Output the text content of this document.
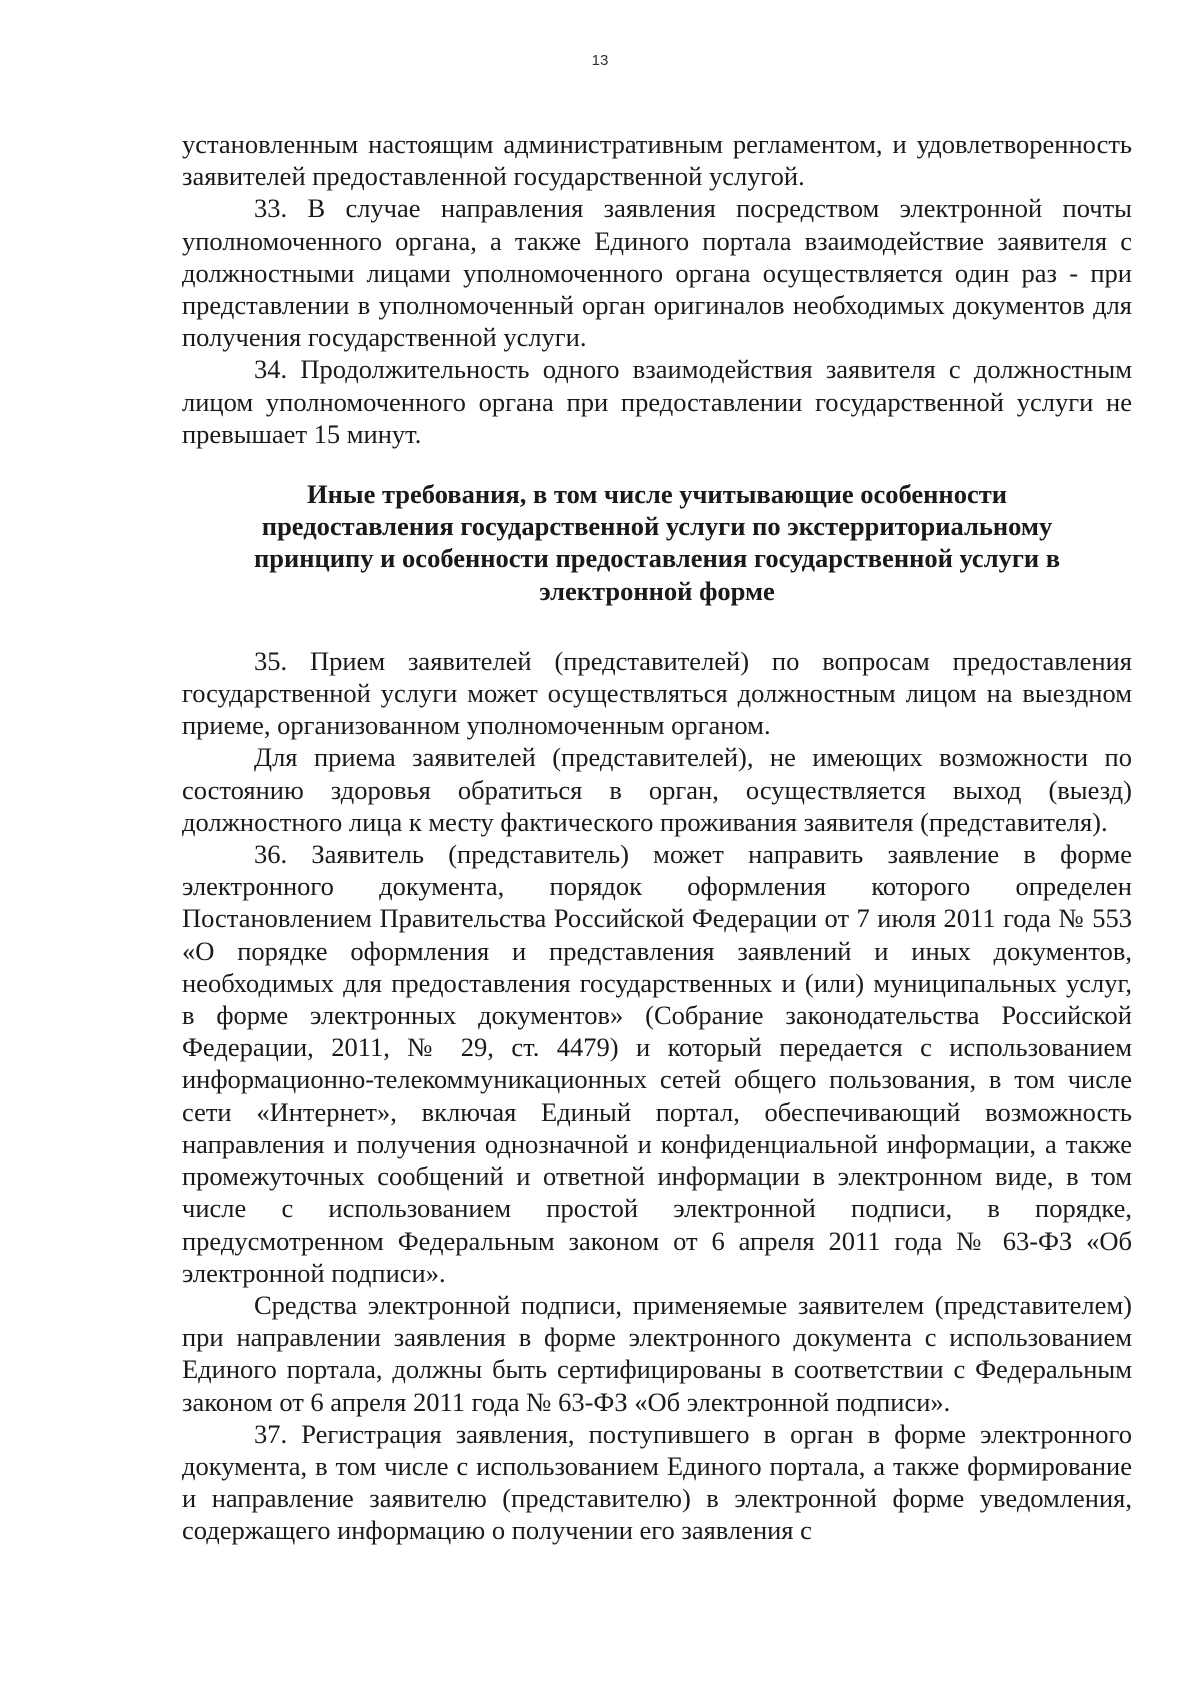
13

установленным настоящим административным регламентом, и удовлетворенность заявителей предоставленной государственной услугой.

33. В случае направления заявления посредством электронной почты уполномоченного органа, а также Единого портала взаимодействие заявителя с должностными лицами уполномоченного органа осуществляется один раз - при представлении в уполномоченный орган оригиналов необходимых документов для получения государственной услуги.

34. Продолжительность одного взаимодействия заявителя с должностным лицом уполномоченного органа при предоставлении государственной услуги не превышает 15 минут.

Иные требования, в том числе учитывающие особенности предоставления государственной услуги по экстерриториальному принципу и особенности предоставления государственной услуги в электронной форме

35. Прием заявителей (представителей) по вопросам предоставления государственной услуги может осуществляться должностным лицом на выездном приеме, организованном уполномоченным органом.

Для приема заявителей (представителей), не имеющих возможности по состоянию здоровья обратиться в орган, осуществляется выход (выезд) должностного лица к месту фактического проживания заявителя (представителя).

36. Заявитель (представитель) может направить заявление в форме электронного документа, порядок оформления которого определен Постановлением Правительства Российской Федерации от 7 июля 2011 года № 553 «О порядке оформления и представления заявлений и иных документов, необходимых для предоставления государственных и (или) муниципальных услуг, в форме электронных документов» (Собрание законодательства Российской Федерации, 2011, № 29, ст. 4479) и который передается с использованием информационно-телекоммуникационных сетей общего пользования, в том числе сети «Интернет», включая Единый портал, обеспечивающий возможность направления и получения однозначной и конфиденциальной информации, а также промежуточных сообщений и ответной информации в электронном виде, в том числе с использованием простой электронной подписи, в порядке, предусмотренном Федеральным законом от 6 апреля 2011 года № 63-ФЗ «Об электронной подписи».

Средства электронной подписи, применяемые заявителем (представителем) при направлении заявления в форме электронного документа с использованием Единого портала, должны быть сертифицированы в соответствии с Федеральным законом от 6 апреля 2011 года № 63-ФЗ «Об электронной подписи».

37. Регистрация заявления, поступившего в орган в форме электронного документа, в том числе с использованием Единого портала, а также формирование и направление заявителю (представителю) в электронной форме уведомления, содержащего информацию о получении его заявления с
